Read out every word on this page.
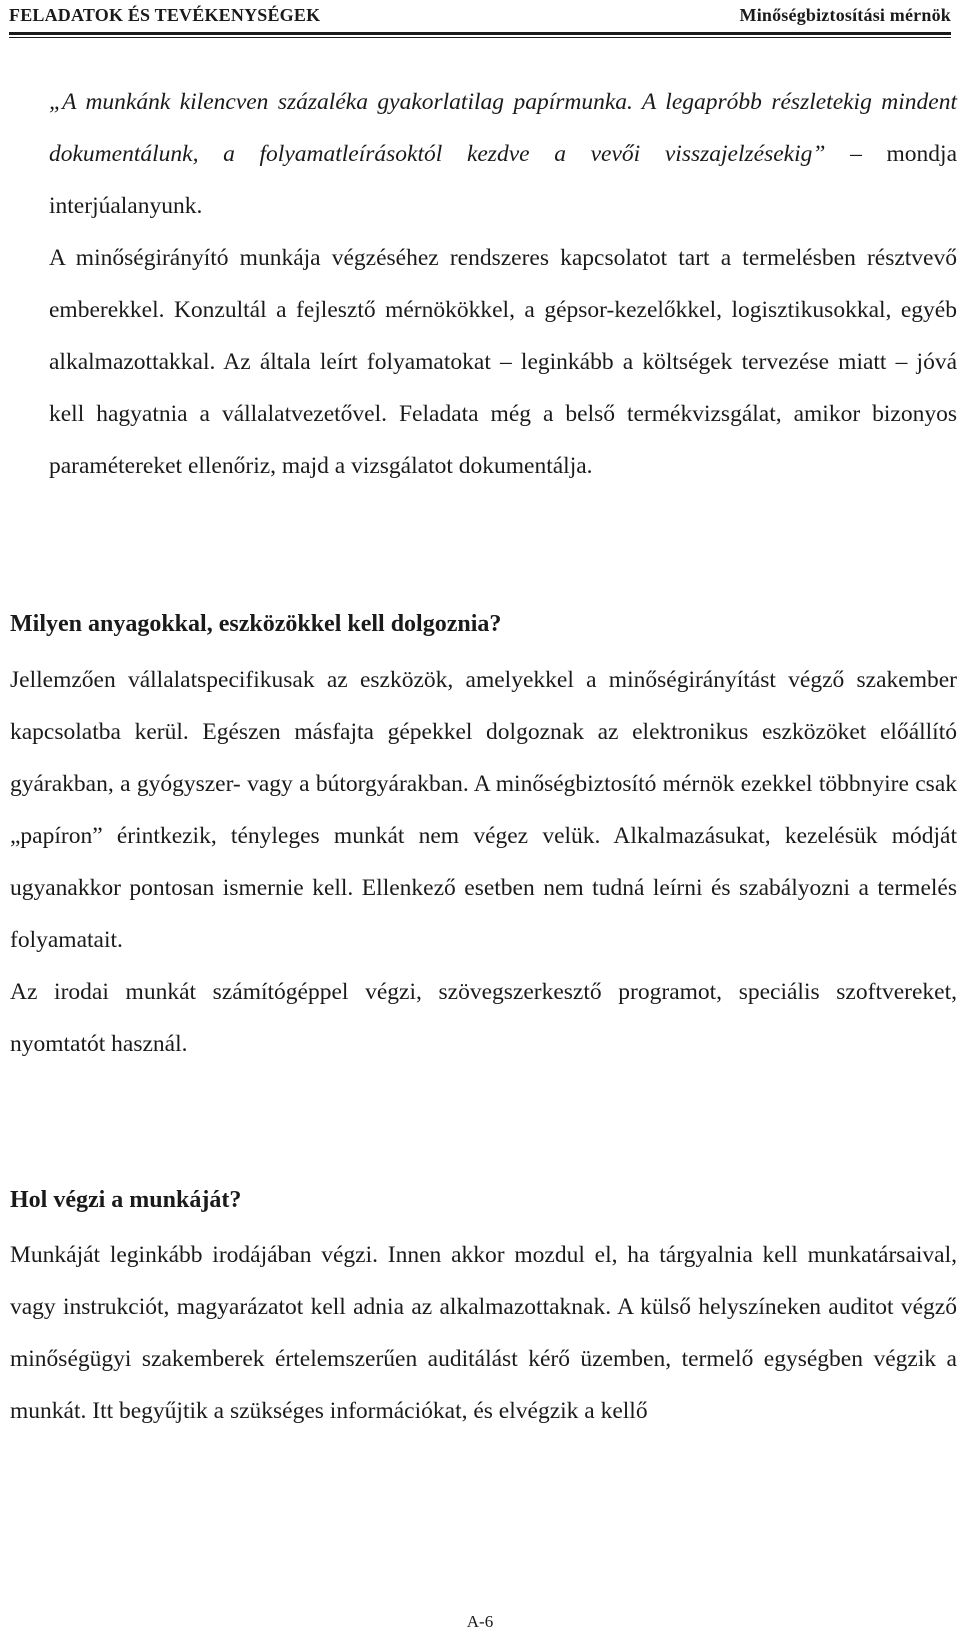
FELADATOK ÉS TEVÉKENYSÉGEK	Minőségbiztosítási mérnök

„A munkánk kilencven százaléka gyakorlatilag papírmunka. A legapróbb részletekig mindent dokumentálunk, a folyamatleírásoktól kezdve a vevői visszajelzésekig” – mondja interjúalanyunk.

A minőségirányító munkája végzéséhez rendszeres kapcsolatot tart a termelésben résztvevő emberekkel. Konzultál a fejlesztő mérnökökkel, a gépsor-kezelőkkel, logisztikusokkal, egyéb alkalmazottakkal. Az általa leírt folyamatokat – leginkább a költségek tervezése miatt – jóvá kell hagyatnia a vállalatvezetővel. Feladata még a belső termékvizsgálat, amikor bizonyos paramétereket ellenőriz, majd a vizsgálatot dokumentálja.

Milyen anyagokkal, eszközökkel kell dolgoznia?

Jellemzően vállalatspecifikusak az eszközök, amelyekkel a minőségirányítást végző szakember kapcsolatba kerül. Egészen másfajta gépekkel dolgoznak az elektronikus eszközöket előállító gyárakban, a gyógyszer- vagy a bútorgyárakban. A minőségbiztosító mérnök ezekkel többnyire csak „papíron” érintkezik, tényleges munkát nem végez velük. Alkalmazásukat, kezelésük módját ugyanakkor pontosan ismernie kell. Ellenkező esetben nem tudná leírni és szabályozni a termelés folyamatait.

Az irodai munkát számítógéppel végzi, szövegszerkesztő programot, speciális szoftvereket, nyomtatót használ.

Hol végzi a munkáját?

Munkáját leginkább irodájában végzi. Innen akkor mozdul el, ha tárgyalnia kell munkatársaival, vagy instrukciót, magyarázatot kell adnia az alkalmazottaknak. A külső helyszíneken auditot végző minőségügyi szakemberek értelemszerűen auditálást kérő üzemben, termelő egységben végzik a munkát. Itt begyűjtik a szükséges információkat, és elvégzik a kellő

A-6
